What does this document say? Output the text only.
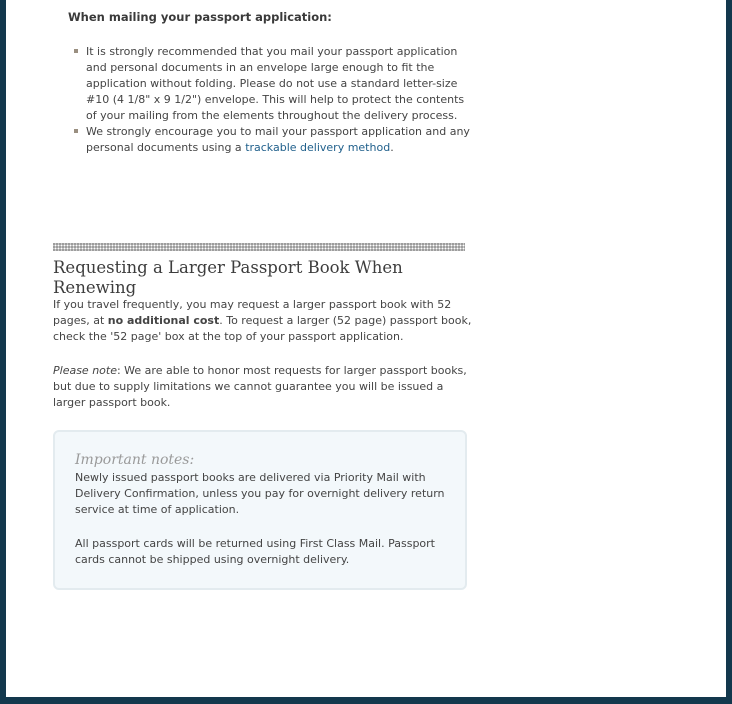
When mailing your passport application:
It is strongly recommended that you mail your passport application and personal documents in an envelope large enough to fit the application without folding. Please do not use a standard letter-size #10 (4 1/8" x 9 1/2") envelope. This will help to protect the contents of your mailing from the elements throughout the delivery process.
We strongly encourage you to mail your passport application and any personal documents using a trackable delivery method.
Requesting a Larger Passport Book When Renewing
If you travel frequently, you may request a larger passport book with 52 pages, at no additional cost. To request a larger (52 page) passport book, check the '52 page' box at the top of your passport application.
Please note: We are able to honor most requests for larger passport books, but due to supply limitations we cannot guarantee you will be issued a larger passport book.
Important notes:
Newly issued passport books are delivered via Priority Mail with Delivery Confirmation, unless you pay for overnight delivery return service at time of application.
All passport cards will be returned using First Class Mail. Passport cards cannot be shipped using overnight delivery.
